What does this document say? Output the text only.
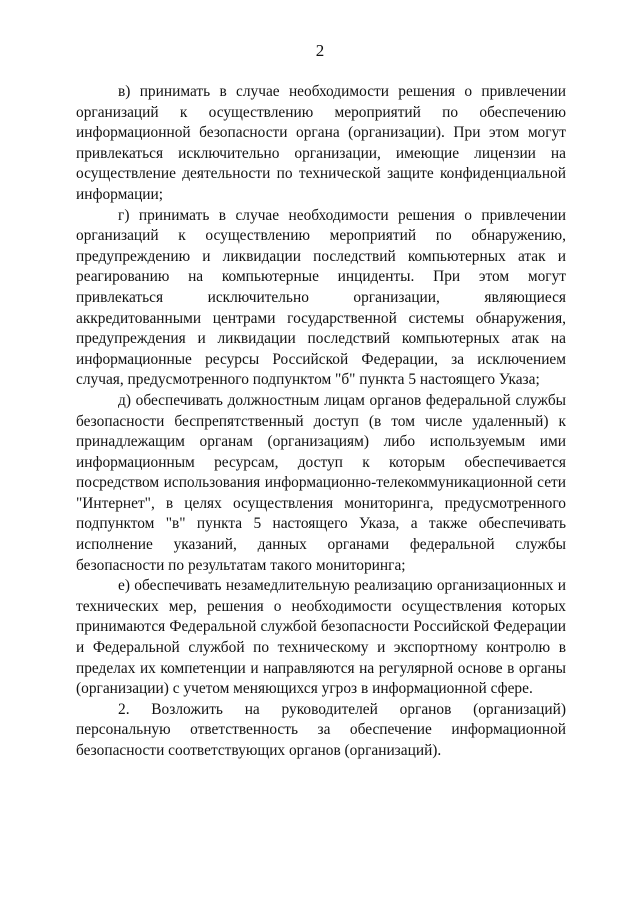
2

в) принимать в случае необходимости решения о привлечении организаций к осуществлению мероприятий по обеспечению информационной безопасности органа (организации). При этом могут привлекаться исключительно организации, имеющие лицензии на осуществление деятельности по технической защите конфиденциальной информации;

г) принимать в случае необходимости решения о привлечении организаций к осуществлению мероприятий по обнаружению, предупреждению и ликвидации последствий компьютерных атак и реагированию на компьютерные инциденты. При этом могут привлекаться исключительно организации, являющиеся аккредитованными центрами государственной системы обнаружения, предупреждения и ликвидации последствий компьютерных атак на информационные ресурсы Российской Федерации, за исключением случая, предусмотренного подпунктом "б" пункта 5 настоящего Указа;

д) обеспечивать должностным лицам органов федеральной службы безопасности беспрепятственный доступ (в том числе удаленный) к принадлежащим органам (организациям) либо используемым ими информационным ресурсам, доступ к которым обеспечивается посредством использования информационно-телекоммуникационной сети "Интернет", в целях осуществления мониторинга, предусмотренного подпунктом "в" пункта 5 настоящего Указа, а также обеспечивать исполнение указаний, данных органами федеральной службы безопасности по результатам такого мониторинга;

е) обеспечивать незамедлительную реализацию организационных и технических мер, решения о необходимости осуществления которых принимаются Федеральной службой безопасности Российской Федерации и Федеральной службой по техническому и экспортному контролю в пределах их компетенции и направляются на регулярной основе в органы (организации) с учетом меняющихся угроз в информационной сфере.

2. Возложить на руководителей органов (организаций) персональную ответственность за обеспечение информационной безопасности соответствующих органов (организаций).
